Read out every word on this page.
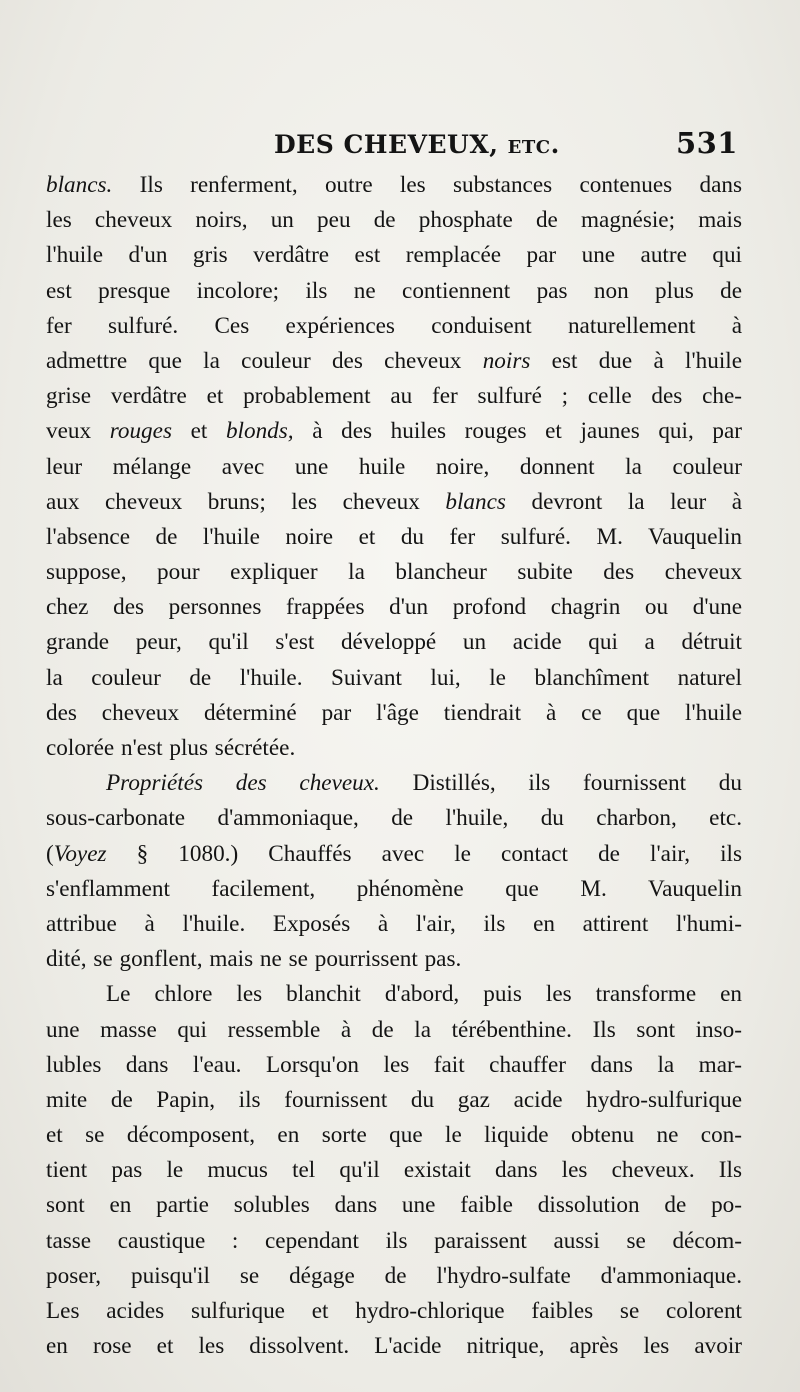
DES CHEVEUX, etc.	531
blancs. Ils renferment, outre les substances contenues dans
les cheveux noirs, un peu de phosphate de magnésie; mais
l'huile d'un gris verdâtre est remplacée par une autre qui
est presque incolore; ils ne contiennent pas non plus de
fer sulfuré. Ces expériences conduisent naturellement à
admettre que la couleur des cheveux noirs est due à l'huile
grise verdâtre et probablement au fer sulfuré ; celle des che-
veux rouges et blonds, à des huiles rouges et jaunes qui, par
leur mélange avec une huile noire, donnent la couleur
aux cheveux bruns; les cheveux blancs devront la leur à
l'absence de l'huile noire et du fer sulfuré. M. Vauquelin
suppose, pour expliquer la blancheur subite des cheveux
chez des personnes frappées d'un profond chagrin ou d'une
grande peur, qu'il s'est développé un acide qui a détruit
la couleur de l'huile. Suivant lui, le blanchîment naturel
des cheveux déterminé par l'âge tiendrait à ce que l'huile
colorée n'est plus sécrétée.
Propriétés des cheveux. Distillés, ils fournissent du
sous-carbonate d'ammoniaque, de l'huile, du charbon, etc.
(Voyez § 1080.) Chauffés avec le contact de l'air, ils
s'enflamment facilement, phénomène que M. Vauquelin
attribue à l'huile. Exposés à l'air, ils en attirent l'humi-
dité, se gonflent, mais ne se pourrissent pas.
Le chlore les blanchit d'abord, puis les transforme en
une masse qui ressemble à de la térébenthine. Ils sont inso-
lubles dans l'eau. Lorsqu'on les fait chauffer dans la mar-
mite de Papin, ils fournissent du gaz acide hydro-sulfurique
et se décomposent, en sorte que le liquide obtenu ne con-
tient pas le mucus tel qu'il existait dans les cheveux. Ils
sont en partie solubles dans une faible dissolution de po-
tasse caustique : cependant ils paraissent aussi se décom-
poser, puisqu'il se dégage de l'hydro-sulfate d'ammoniaque.
Les acides sulfurique et hydro-chlorique faibles se colorent
en rose et les dissolvent. L'acide nitrique, après les avoir
